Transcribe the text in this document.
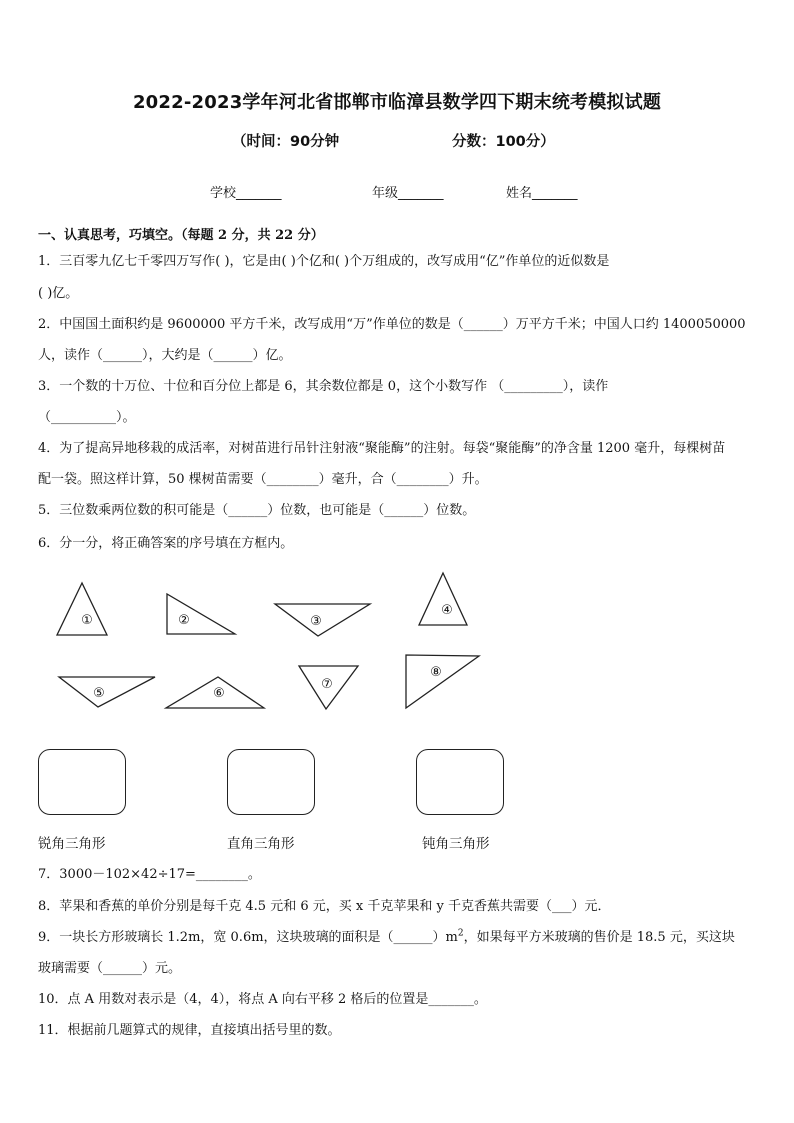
2022-2023学年河北省邯郸市临漳县数学四下期末统考模拟试题
（时间：90分钟	分数：100分）
学校_______	年级_______	姓名_______
一、认真思考，巧填空。（每题 2 分，共 22 分）
1．三百零九亿七千零四万写作( )，它是由( )个亿和( )个万组成的，改写成用“亿”作单位的近似数是
( )亿。
2．中国国土面积约是 9600000 平方千米，改写成用“万”作单位的数是（______）万平方千米；中国人口约 1400050000
人，读作（______），大约是（______）亿。
3．一个数的十万位、十位和百分位上都是 6，其余数位都是 0，这个小数写作 （_________），读作
（__________）。
4．为了提高异地移栽的成活率，对树苗进行吊针注射液“聚能酶”的注射。每袋“聚能酶”的净含量 1200 毫升，每棵树苗
配一袋。照这样计算，50 棵树苗需要（________）毫升，合（________）升。
5．三位数乘两位数的积可能是（______）位数，也可能是（______）位数。
6．分一分，将正确答案的序号填在方框内。
①	②	③
④
⑤	⑥
⑦
⑧
锐角三角形	直角三角形	钝角三角形
7．3000－102×42÷17=________。
8．苹果和香蕉的单价分别是每千克 4.5 元和 6 元，买 x 千克苹果和 y 千克香蕉共需要（___）元．
9．一块长方形玻璃长 1.2m，宽 0.6m，这块玻璃的面积是$(\_\_\_\_\_\_)m^2$，如果每平方米玻璃的售价是 18.5 元，买这块
玻璃需要（______）元。
10．点 A 用数对表示是（4，4），将点 A 向右平移 2 格后的位置是_______。
11．根据前几题算式的规律，直接填出括号里的数。
